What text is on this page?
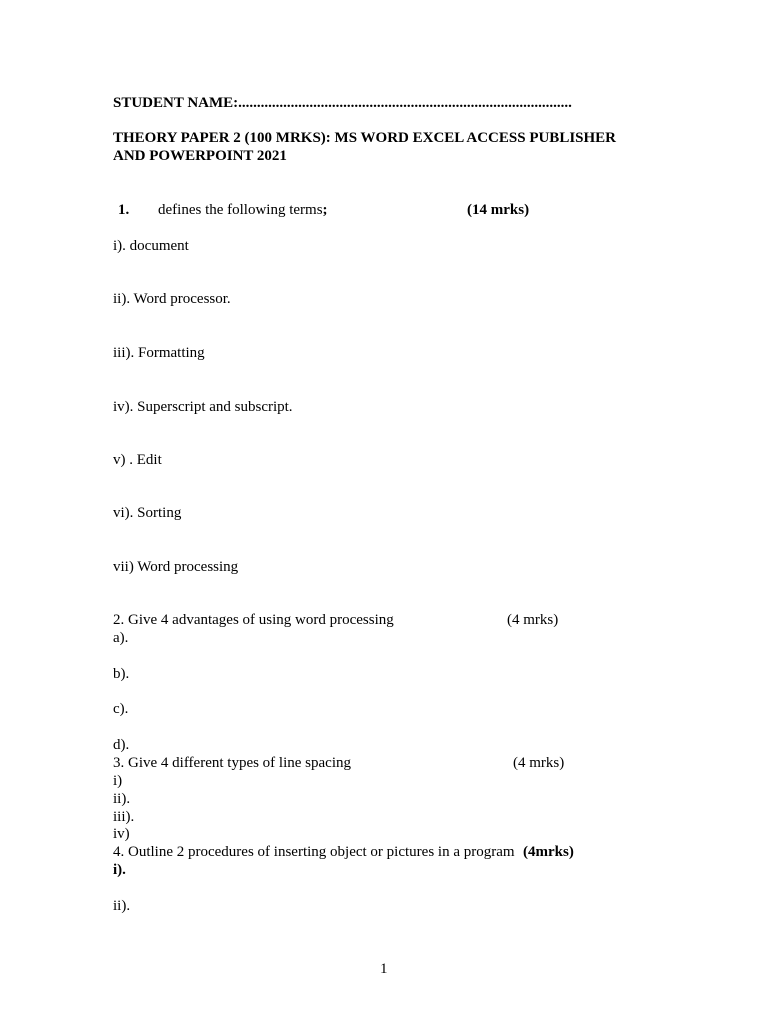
STUDENT NAME:.........................................................................................
THEORY PAPER 2 (100 MRKS): MS WORD EXCEL ACCESS PUBLISHER
AND POWERPOINT 2021
1. defines the following terms;	(14 mrks)
i). document
ii). Word processor.
iii). Formatting
iv). Superscript and subscript.
v) . Edit
vi). Sorting
vii) Word processing
2. Give 4 advantages of using word processing	(4 mrks)
a).
b).
c).
d).
3. Give 4 different types of line spacing	(4 mrks)
i)
ii).
iii).
iv)
4. Outline 2 procedures of inserting object or pictures in a program (4mrks)
i).
ii).
1
